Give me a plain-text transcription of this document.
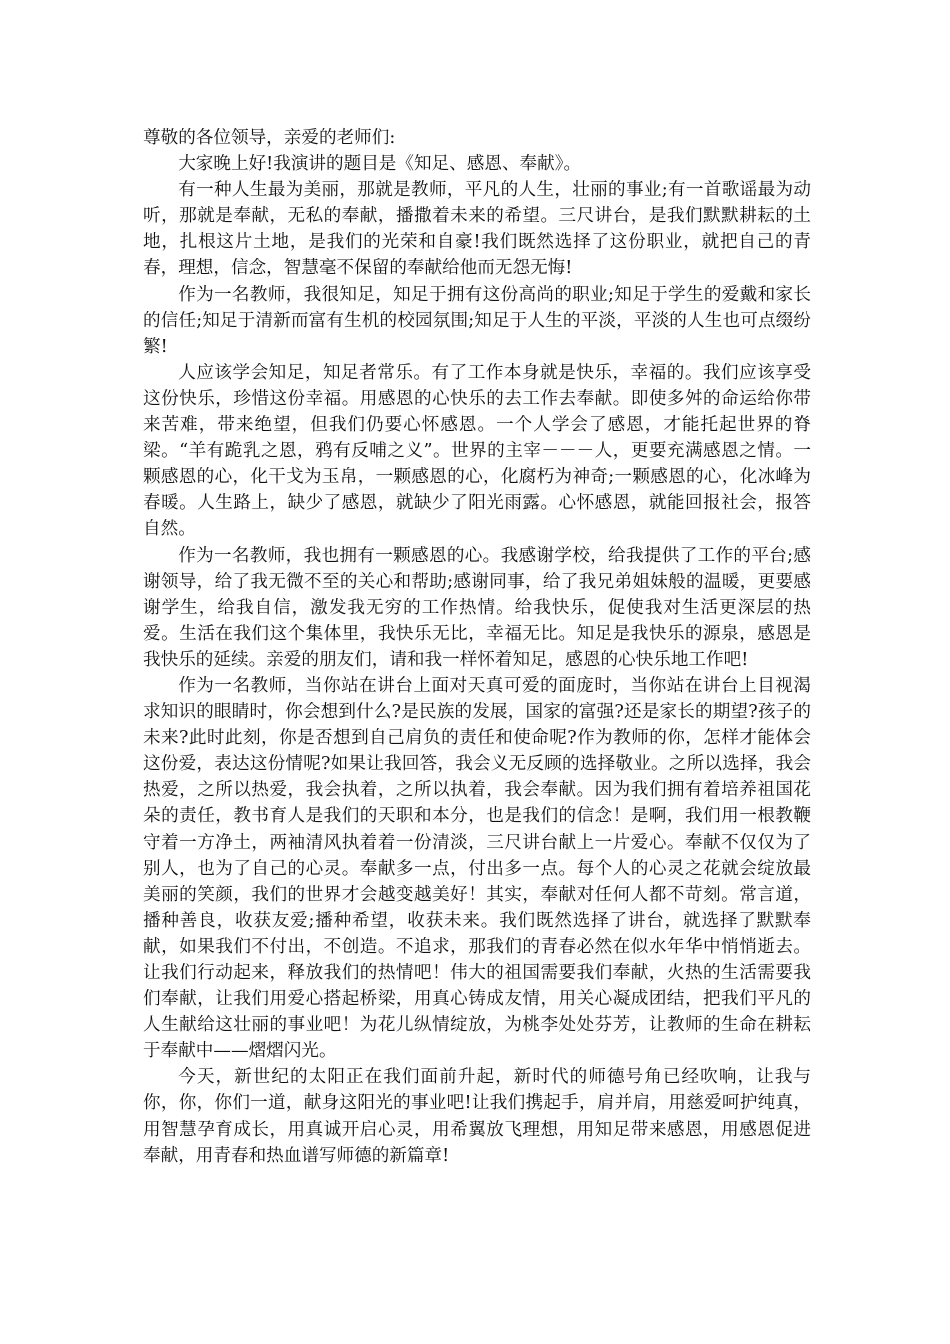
尊敬的各位领导，亲爱的老师们:

大家晚上好!我演讲的题目是《知足、感恩、奉献》。

有一种人生最为美丽，那就是教师，平凡的人生，壮丽的事业;有一首歌谣最为动听，那就是奉献，无私的奉献，播撒着未来的希望。三尺讲台，是我们默默耕耘的土地，扎根这片土地，是我们的光荣和自豪!我们既然选择了这份职业，就把自己的青春，理想，信念，智慧毫不保留的奉献给他而无怨无悔!

作为一名教师，我很知足，知足于拥有这份高尚的职业;知足于学生的爱戴和家长的信任;知足于清新而富有生机的校园氛围;知足于人生的平淡，平淡的人生也可点缀纷繁!

人应该学会知足，知足者常乐。有了工作本身就是快乐，幸福的。我们应该享受这份快乐，珍惜这份幸福。用感恩的心快乐的去工作去奉献。即使多舛的命运给你带来苦难，带来绝望，但我们仍要心怀感恩。一个人学会了感恩，才能托起世界的脊梁。“羊有跪乳之恩，鸦有反哺之义”。世界的主宰－－－人，更要充满感恩之情。一颗感恩的心，化干戈为玉帛，一颗感恩的心，化腐朽为神奇;一颗感恩的心，化冰峰为春暖。人生路上，缺少了感恩，就缺少了阳光雨露。心怀感恩，就能回报社会，报答自然。

作为一名教师，我也拥有一颗感恩的心。我感谢学校，给我提供了工作的平台;感谢领导，给了我无微不至的关心和帮助;感谢同事，给了我兄弟姐妹般的温暖，更要感谢学生，给我自信，激发我无穷的工作热情。给我快乐，促使我对生活更深层的热爱。生活在我们这个集体里，我快乐无比，幸福无比。知足是我快乐的源泉，感恩是我快乐的延续。亲爱的朋友们，请和我一样怀着知足，感恩的心快乐地工作吧!

作为一名教师，当你站在讲台上面对天真可爱的面庞时，当你站在讲台上目视渴求知识的眼睛时，你会想到什么?是民族的发展，国家的富强?还是家长的期望?孩子的未来?此时此刻，你是否想到自己肩负的责任和使命呢?作为教师的你，怎样才能体会这份爱，表达这份情呢?如果让我回答，我会义无反顾的选择敬业。之所以选择，我会热爱，之所以热爱，我会执着，之所以执着，我会奉献。因为我们拥有着培养祖国花朵的责任，教书育人是我们的天职和本分，也是我们的信念！是啊，我们用一根教鞭守着一方净土，两袖清风执着着一份清淡，三尺讲台献上一片爱心。奉献不仅仅为了别人，也为了自己的心灵。奉献多一点，付出多一点。每个人的心灵之花就会绽放最美丽的笑颜，我们的世界才会越变越美好！其实，奉献对任何人都不苛刻。常言道，播种善良，收获友爱;播种希望，收获未来。我们既然选择了讲台，就选择了默默奉献，如果我们不付出，不创造。不追求，那我们的青春必然在似水年华中悄悄逝去。让我们行动起来，释放我们的热情吧！伟大的祖国需要我们奉献，火热的生活需要我们奉献，让我们用爱心搭起桥梁，用真心铸成友情，用关心凝成团结，把我们平凡的人生献给这壮丽的事业吧！为花儿纵情绽放，为桃李处处芬芳，让教师的生命在耕耘于奉献中——熠熠闪光。

今天，新世纪的太阳正在我们面前升起，新时代的师德号角已经吹响，让我与你，你，你们一道，献身这阳光的事业吧!让我们携起手，肩并肩，用慈爱呵护纯真，用智慧孕育成长，用真诚开启心灵，用希翼放飞理想，用知足带来感恩，用感恩促进奉献，用青春和热血谱写师德的新篇章!
